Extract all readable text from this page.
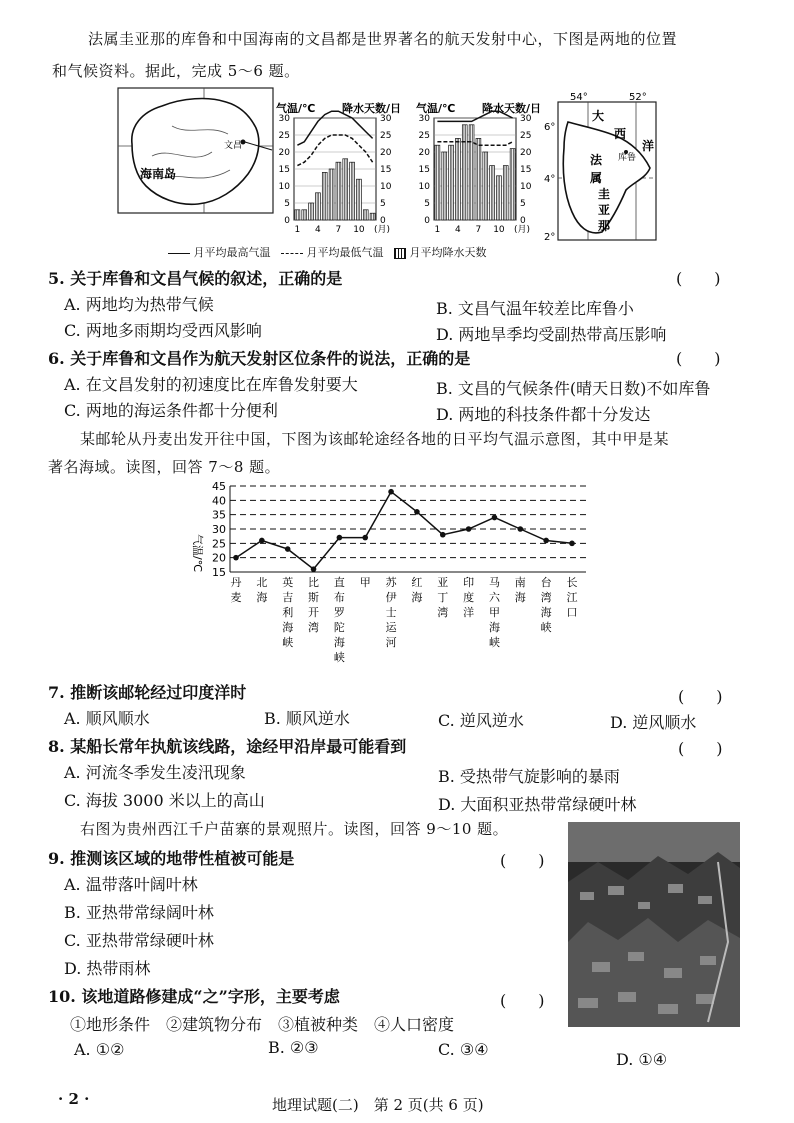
法属圭亚那的库鲁和中国海南的文昌都是世界著名的航天发射中心，下图是两地的位置
和气候资料。据此，完成 5～6 题。
海南岛
文昌
气温/℃ 降水天数/日
30	30
25	25
20	20
15	15
10	10
5	5
0	0
1 4 7 10 (月)
气温/℃ 降水天数/日
30	30
25	25
20	20
15	15
10	10
5	5
0	0
1 4 7 10 (月)
54°	52°
6°
4°
2°
大
西
洋
法
属
圭
亚
那
库鲁
月平均最高气温	月平均最低气温 月平均降水天数
5. 关于库鲁和文昌气候的叙述，正确的是	(　　)
A. 两地均为热带气候	B. 文昌气温年较差比库鲁小
C. 两地多雨期均受西风影响	D. 两地旱季均受副热带高压影响
6. 关于库鲁和文昌作为航天发射区位条件的说法，正确的是	(　　)
A. 在文昌发射的初速度比在库鲁发射要大	B. 文昌的气候条件(晴天日数)不如库鲁
C. 两地的海运条件都十分便利	D. 两地的科技条件都十分发达
某邮轮从丹麦出发开往中国，下图为该邮轮途经各地的日平均气温示意图，其中甲是某
著名海域。读图，回答 7～8 题。
气温/℃
45
40
35
30
25
20
15
丹麦
北海
英吉利海峡
比斯开湾
直布罗陀海峡
甲 苏伊士运河
红海
亚丁湾
印度洋
马六甲海峡
南海
台湾海峡
长江口
7. 推断该邮轮经过印度洋时	(　　)
A. 顺风顺水	B. 顺风逆水	C. 逆风逆水	D. 逆风顺水
8. 某船长常年执航该线路，途经甲沿岸最可能看到	(　　)
A. 河流冬季发生凌汛现象	B. 受热带气旋影响的暴雨
C. 海拔 3000 米以上的高山	D. 大面积亚热带常绿硬叶林
右图为贵州西江千户苗寨的景观照片。读图，回答 9～10 题。
9. 推测该区域的地带性植被可能是	(　　)
A. 温带落叶阔叶林
B. 亚热带常绿阔叶林
C. 亚热带常绿硬叶林
D. 热带雨林
10. 该地道路修建成“之”字形，主要考虑	(　　)
①地形条件　②建筑物分布　③植被种类　④人口密度
A. ①②	B. ②③	C. ③④
D. ①④
· 2 ·	地理试题(二)　第 2 页(共 6 页)
